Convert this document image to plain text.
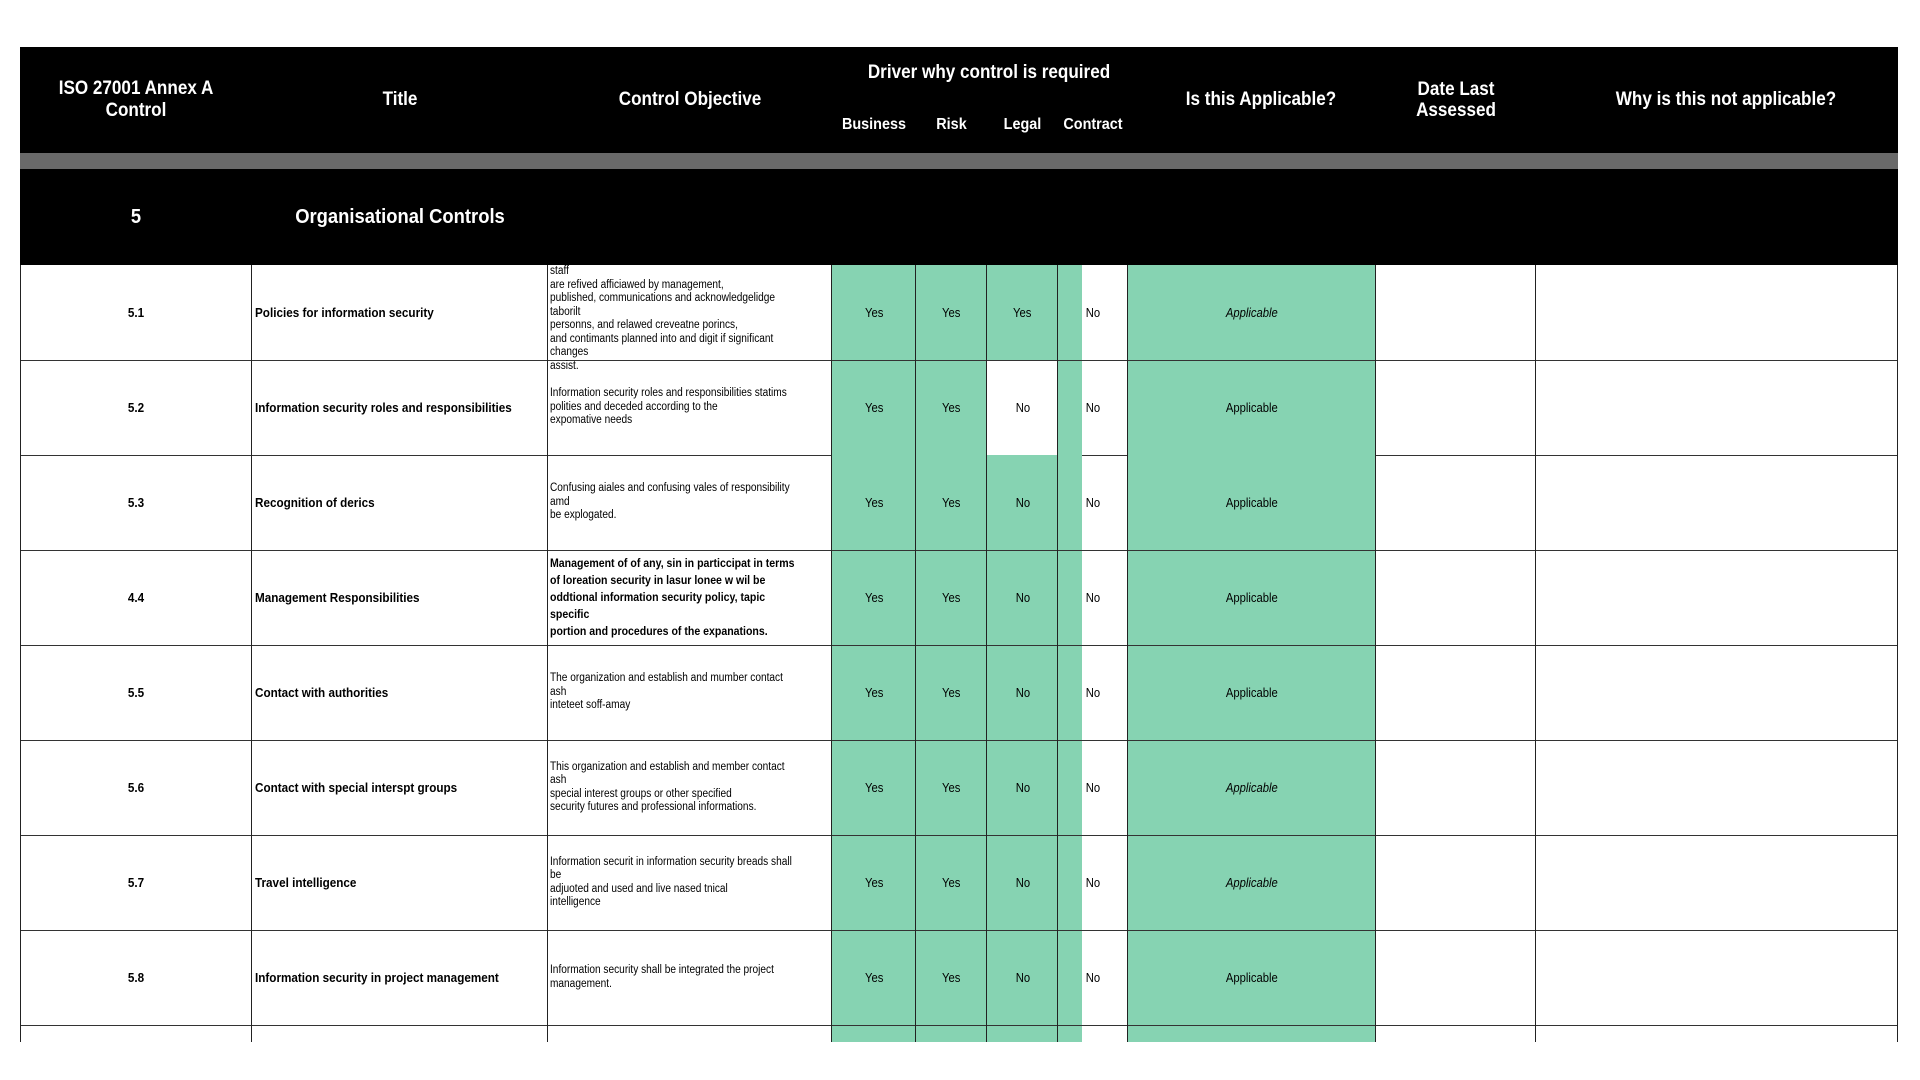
ISO 27001 Annex A Control
Title	Control Objective
Driver why control is required
Business	Risk	Legal	Contract
Is this Applicable?	Date Last
Assessed
Why is this not applicable?
5	Organisational Controls
5.1	Policies for information security
Information security policy and topic specific policies staff
are refived afficiawed by management,
published, communications and acknowledgelidge taborilt
personns, and relawed creveatne porincs,
and contimants planned into and digit if significant changes
assist.
Yes	Yes	Yes	No	Applicable
5.2	Information security roles and responsibilities
Information security roles and responsibilities statims
polities and deceded according to the
expomative needs
Yes	Yes	No	No	Applicable
5.3	Recognition of derics
Confusing aiales and confusing vales of responsibility amd
be explogated.
Yes	Yes	No	No	Applicable
4.4	Management Responsibilities
Management of of any, sin in particcipat in terms
of loreation security in lasur lonee w wil be
oddtional information security policy, tapic specific
portion and procedures of the expanations.
Yes	Yes	No	No	Applicable
5.5	Contact with authorities
The organization and establish and mumber contact ash
inteteet soff-amay
Yes	Yes	No	No	Applicable
5.6	Contact with special interspt groups
This organization and establish and member contact ash
special interest groups or other specified
security futures and professional informations.
Yes	Yes	No	No	Applicable
5.7	Travel intelligence
Information securit in information security breads shall be
adjuoted and used and live nased tnical
intelligence
Yes	Yes	No	No	Applicable
5.8	Information security in project management	Information security shall be integrated the project
management.	Yes	Yes	No	No	Applicable
